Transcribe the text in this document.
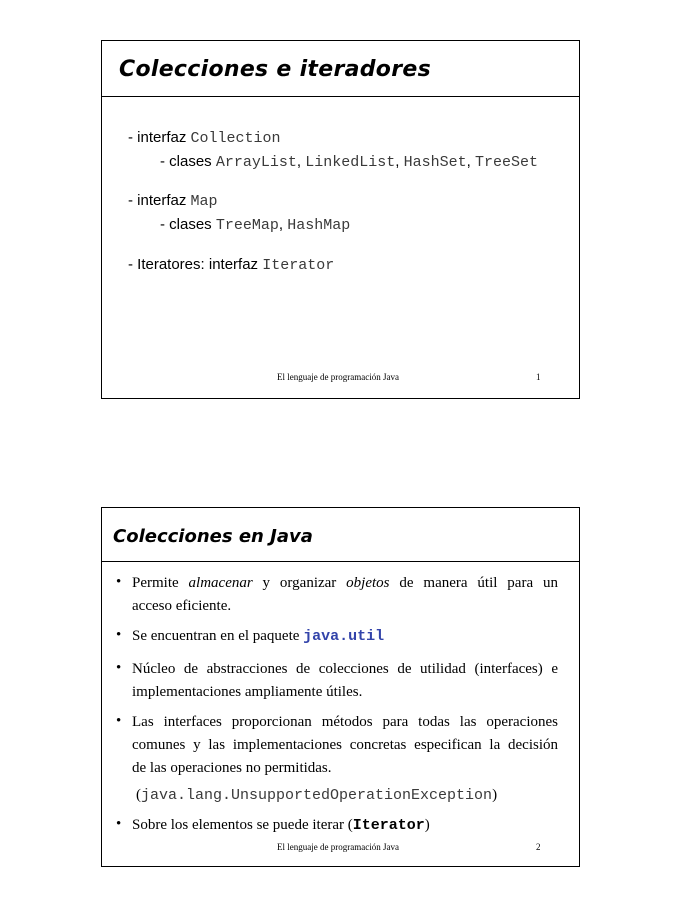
Colecciones e iteradores
- interfaz Collection
- clases ArrayList, LinkedList, HashSet, TreeSet
- interfaz Map
- clases TreeMap, HashMap
- Iteratores: interfaz Iterator
El lenguaje de programación Java	1
Colecciones en Java
• Permite almacenar y organizar objetos de manera útil para un
acceso eficiente.
• Se encuentran en el paquete java.util
• Núcleo de abstracciones de colecciones de utilidad (interfaces) e
implementaciones ampliamente útiles.
• Las interfaces proporcionan métodos para todas las operaciones
comunes y las implementaciones concretas especifican la decisión
de las operaciones no permitidas.
(java.lang.UnsupportedOperationException)
• Sobre los elementos se puede iterar (Iterator)
El lenguaje de programación Java	2
